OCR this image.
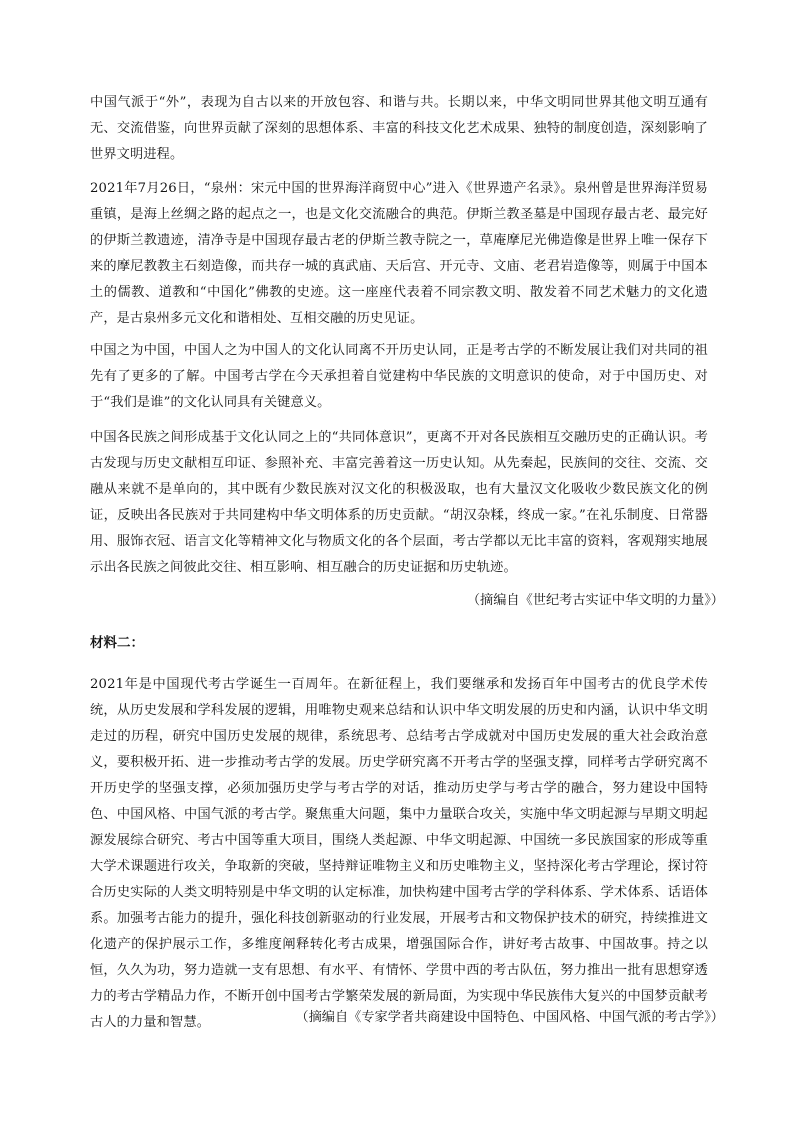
中国气派于“外”，表现为自古以来的开放包容、和谐与共。长期以来，中华文明同世界其他文明互通有无、交流借鉴，向世界贡献了深刻的思想体系、丰富的科技文化艺术成果、独特的制度创造，深刻影响了世界文明进程。

2021年7月26日，“泉州：宋元中国的世界海洋商贸中心”进入《世界遗产名录》。泉州曾是世界海洋贸易重镇，是海上丝绸之路的起点之一，也是文化交流融合的典范。伊斯兰教圣墓是中国现存最古老、最完好的伊斯兰教遗迹，清净寺是中国现存最古老的伊斯兰教寺院之一，草庵摩尼光佛造像是世界上唯一保存下来的摩尼教教主石刻造像，而共存一城的真武庙、天后宫、开元寺、文庙、老君岩造像等，则属于中国本土的儒教、道教和“中国化”佛教的史迹。这一座座代表着不同宗教文明、散发着不同艺术魅力的文化遗产，是古泉州多元文化和谐相处、互相交融的历史见证。

中国之为中国，中国人之为中国人的文化认同离不开历史认同，正是考古学的不断发展让我们对共同的祖先有了更多的了解。中国考古学在今天承担着自觉建构中华民族的文明意识的使命，对于中国历史、对于“我们是谁”的文化认同具有关键意义。

中国各民族之间形成基于文化认同之上的“共同体意识”，更离不开对各民族相互交融历史的正确认识。考古发现与历史文献相互印证、参照补充、丰富完善着这一历史认知。从先秦起，民族间的交往、交流、交融从来就不是单向的，其中既有少数民族对汉文化的积极汲取，也有大量汉文化吸收少数民族文化的例证，反映出各民族对于共同建构中华文明体系的历史贡献。“胡汉杂糅，终成一家。”在礼乐制度、日常器用、服饰衣冠、语言文化等精神文化与物质文化的各个层面，考古学都以无比丰富的资料，客观翔实地展示出各民族之间彼此交往、相互影响、相互融合的历史证据和历史轨迹。

（摘编自《世纪考古实证中华文明的力量》）

材料二：

2021年是中国现代考古学诞生一百周年。在新征程上，我们要继承和发扬百年中国考古的优良学术传统，从历史发展和学科发展的逻辑，用唯物史观来总结和认识中华文明发展的历史和内涵，认识中华文明走过的历程，研究中国历史发展的规律，系统思考、总结考古学成就对中国历史发展的重大社会政治意义，要积极开拓、进一步推动考古学的发展。历史学研究离不开考古学的坚强支撑，同样考古学研究离不开历史学的坚强支撑，必须加强历史学与考古学的对话，推动历史学与考古学的融合，努力建设中国特色、中国风格、中国气派的考古学。聚焦重大问题，集中力量联合攻关，实施中华文明起源与早期文明起源发展综合研究、考古中国等重大项目，围绕人类起源、中华文明起源、中国统一多民族国家的形成等重大学术课题进行攻关，争取新的突破，坚持辩证唯物主义和历史唯物主义，坚持深化考古学理论，探讨符合历史实际的人类文明特别是中华文明的认定标准，加快构建中国考古学的学科体系、学术体系、话语体系。加强考古能力的提升，强化科技创新驱动的行业发展，开展考古和文物保护技术的研究，持续推进文化遗产的保护展示工作，多维度阐释转化考古成果，增强国际合作，讲好考古故事、中国故事。持之以恒，久久为功，努力造就一支有思想、有水平、有情怀、学贯中西的考古队伍，努力推出一批有思想穿透力的考古学精品力作，不断开创中国考古学繁荣发展的新局面，为实现中华民族伟大复兴的中国梦贡献考古人的力量和智慧。	（摘编自《专家学者共商建设中国特色、中国风格、中国气派的考古学》）
